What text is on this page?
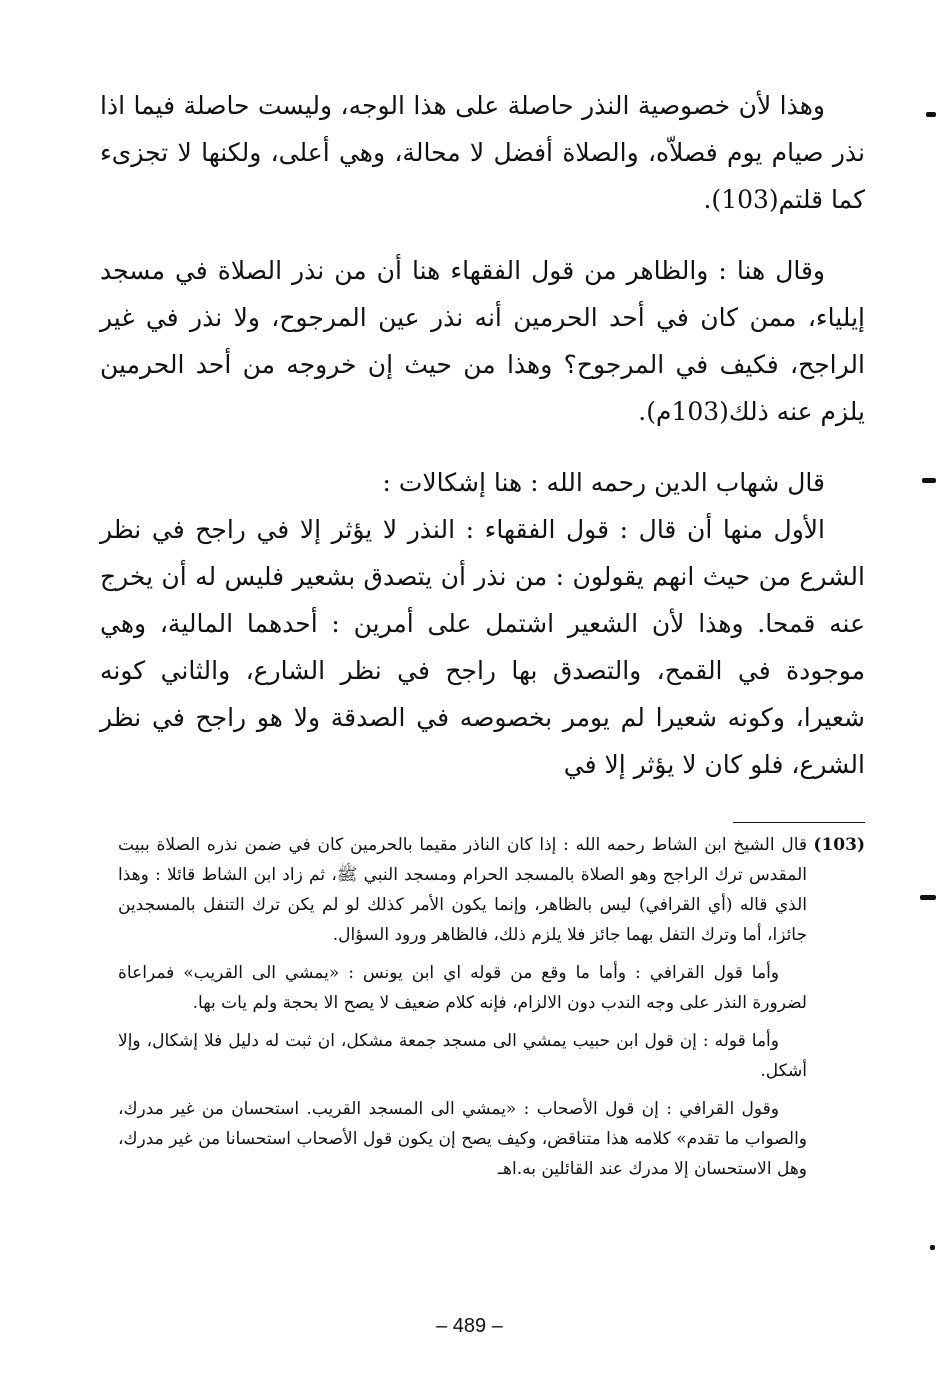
وهذا لأن خصوصية النذر حاصلة على هذا الوجه، وليست حاصلة فيما اذا نذر صيام يوم فصلاّه، والصلاة أفضل لا محالة، وهي أعلى، ولكنها لا تجزىء كما قلتم(103).

وقال هنا : والظاهر من قول الفقهاء هنا أن من نذر الصلاة في مسجد إيلياء، ممن كان في أحد الحرمين أنه نذر عين المرجوح، ولا نذر في غير الراجح، فكيف في المرجوح؟ وهذا من حيث إن خروجه من أحد الحرمين يلزم عنه ذلك(103م).

قال شهاب الدين رحمه الله : هنا إشكالات :

الأول منها أن قال : قول الفقهاء : النذر لا يؤثر إلا في راجح في نظر الشرع من حيث انهم يقولون : من نذر أن يتصدق بشعير فليس له أن يخرج عنه قمحا. وهذا لأن الشعير اشتمل على أمرين : أحدهما المالية، وهي موجودة في القمح، والتصدق بها راجح في نظر الشارع، والثاني كونه شعيرا، وكونه شعيرا لم يومر بخصوصه في الصدقة ولا هو راجح في نظر الشرع، فلو كان لا يؤثر إلا في

(103)

قال الشيخ ابن الشاط رحمه الله : إذا كان الناذر مقيما بالحرمين كان في ضمن نذره الصلاة ببيت المقدس ترك الراجح وهو الصلاة بالمسجد الحرام ومسجد النبي ﷺ، ثم زاد ابن الشاط قائلا : وهذا الذي قاله (أي القرافي) ليس بالظاهر، وإنما يكون الأمر كذلك لو لم يكن ترك التنفل بالمسجدين جائزا، أما وترك التفل بهما جائز فلا يلزم ذلك، فالظاهر ورود السؤال.

وأما قول القرافي : وأما ما وقع من قوله اي ابن يونس : «يمشي الى القريب» فمراعاة لضرورة النذر على وجه الندب دون الالزام، فإنه كلام ضعيف لا يصح الا بحجة ولم يات بها.

وأما قوله : إن قول ابن حبيب يمشي الى مسجد جمعة مشكل، ان ثبت له دليل فلا إشكال، وإلا أشكل.

وقول القرافي : إن قول الأصحاب : «يمشي الى المسجد القريب. استحسان من غير مدرك، والصواب ما تقدم» كلامه هذا متناقض، وكيف يصح إن يكون قول الأصحاب استحسانا من غير مدرك، وهل الاستحسان إلا مدرك عند القائلين به.اهـ

– 489 –
